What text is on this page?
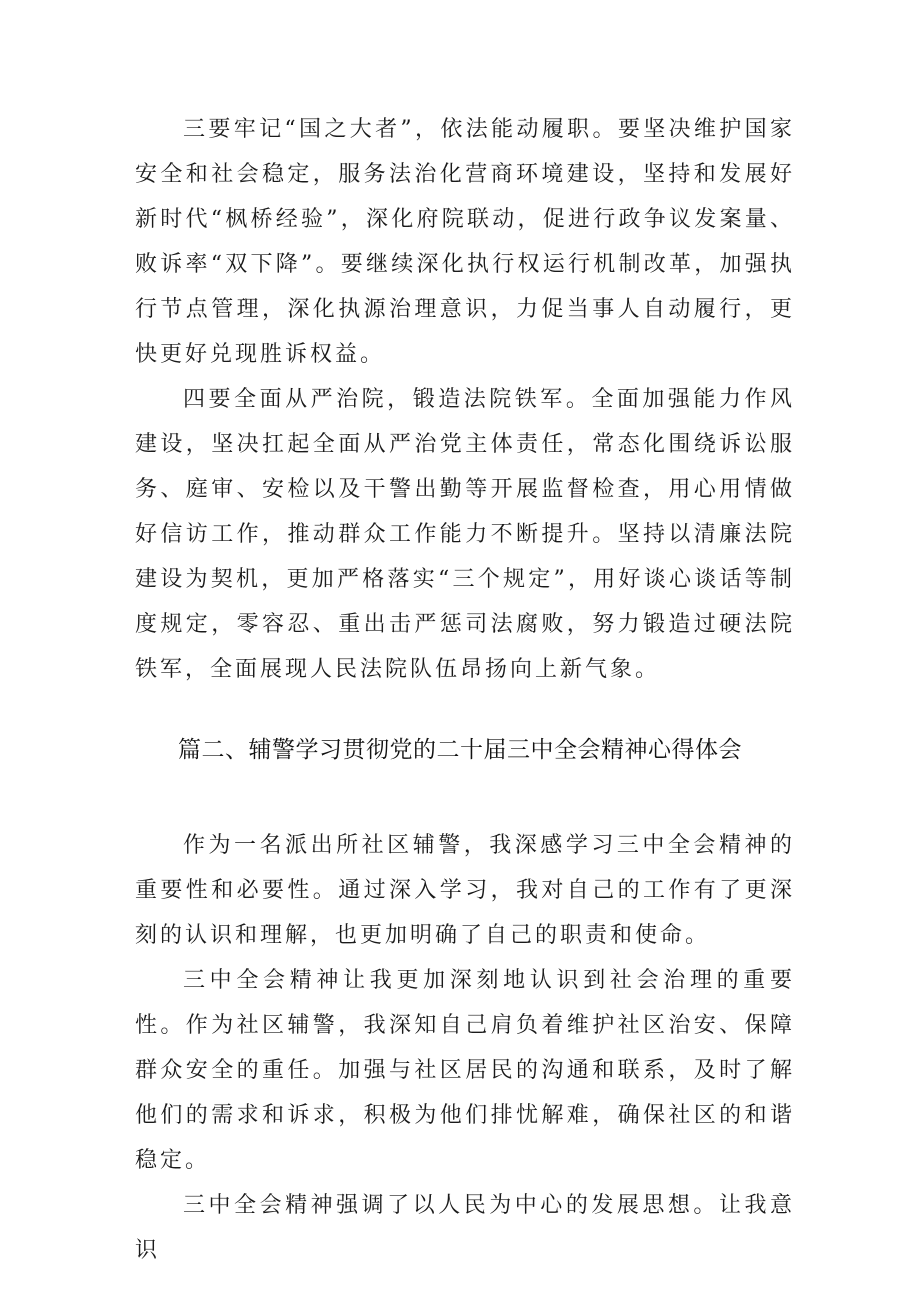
三要牢记“国之大者”，依法能动履职。要坚决维护国家安全和社会稳定，服务法治化营商环境建设，坚持和发展好新时代“枫桥经验”，深化府院联动，促进行政争议发案量、败诉率“双下降”。要继续深化执行权运行机制改革，加强执行节点管理，深化执源治理意识，力促当事人自动履行，更快更好兑现胜诉权益。

四要全面从严治院，锻造法院铁军。全面加强能力作风建设，坚决扛起全面从严治党主体责任，常态化围绕诉讼服务、庭审、安检以及干警出勤等开展监督检查，用心用情做好信访工作，推动群众工作能力不断提升。坚持以清廉法院建设为契机，更加严格落实“三个规定”，用好谈心谈话等制度规定，零容忍、重出击严惩司法腐败，努力锻造过硬法院铁军，全面展现人民法院队伍昂扬向上新气象。

篇二、辅警学习贯彻党的二十届三中全会精神心得体会

作为一名派出所社区辅警，我深感学习三中全会精神的重要性和必要性。通过深入学习，我对自己的工作有了更深刻的认识和理解，也更加明确了自己的职责和使命。

三中全会精神让我更加深刻地认识到社会治理的重要性。作为社区辅警，我深知自己肩负着维护社区治安、保障群众安全的重任。加强与社区居民的沟通和联系，及时了解他们的需求和诉求，积极为他们排忧解难，确保社区的和谐稳定。

三中全会精神强调了以人民为中心的发展思想。让我意识
